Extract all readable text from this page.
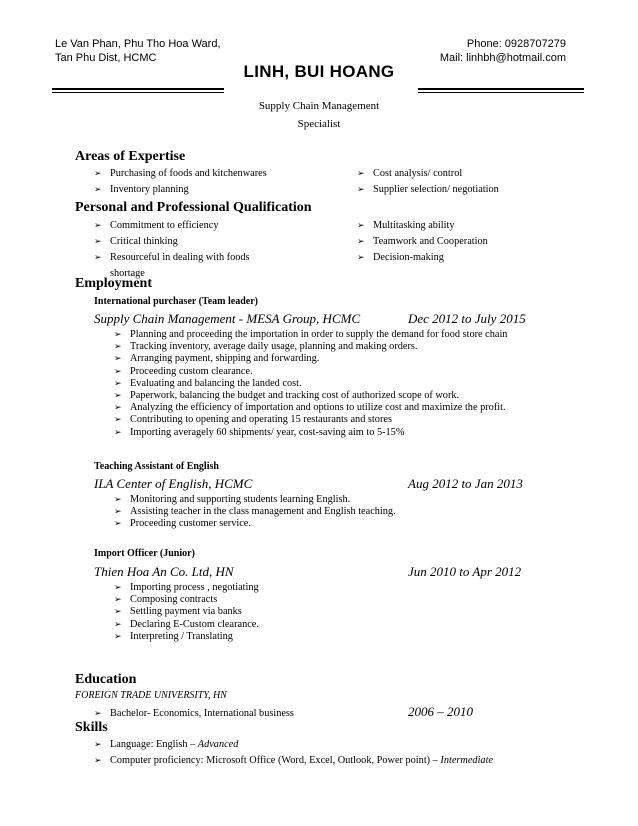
Le Van Phan, Phu Tho Hoa Ward,
Tan Phu Dist, HCMC
Phone: 0928707279
Mail: linhbh@hotmail.com
LINH, BUI HOANG
Supply Chain Management
Specialist
Areas of Expertise
➢ Purchasing of foods and kitchenwares
➢ Inventory planning
➢ Cost analysis/ control
➢ Supplier selection/ negotiation
Personal and Professional Qualification
➢ Commitment to efficiency
➢ Critical thinking
➢ Resourceful in dealing with foods
shortage
➢ Multitasking ability
➢ Teamwork and Cooperation
➢ Decision-making
Employment
International purchaser (Team leader)
Supply Chain Management - MESA Group, HCMC	Dec 2012 to July 2015
➢ Planning and proceeding the importation in order to supply the demand for food store chain
➢ Tracking inventory, average daily usage, planning and making orders.
➢ Arranging payment, shipping and forwarding.
➢ Proceeding custom clearance.
➢ Evaluating and balancing the landed cost.
➢ Paperwork, balancing the budget and tracking cost of authorized scope of work.
➢ Analyzing the efficiency of importation and options to utilize cost and maximize the profit.
➢ Contributing to opening and operating 15 restaurants and stores
➢ Importing averagely 60 shipments/ year, cost-saving aim to 5-15%
Teaching Assistant of English
ILA Center of English, HCMC	Aug 2012 to Jan 2013
➢ Monitoring and supporting students learning English.
➢ Assisting teacher in the class management and English teaching.
➢ Proceeding customer service.
Import Officer (Junior)
Thien Hoa An Co. Ltd, HN	Jun 2010 to Apr 2012
➢ Importing process , negotiating
➢ Composing contracts
➢ Settling payment via banks
➢ Declaring E-Custom clearance.
➢ Interpreting / Translating
Education
FOREIGN TRADE UNIVERSITY, HN
➢ Bachelor- Economics, International business	2006 – 2010
Skills
➢ Language: English – Advanced
➢ Computer proficiency: Microsoft Office (Word, Excel, Outlook, Power point) – Intermediate
